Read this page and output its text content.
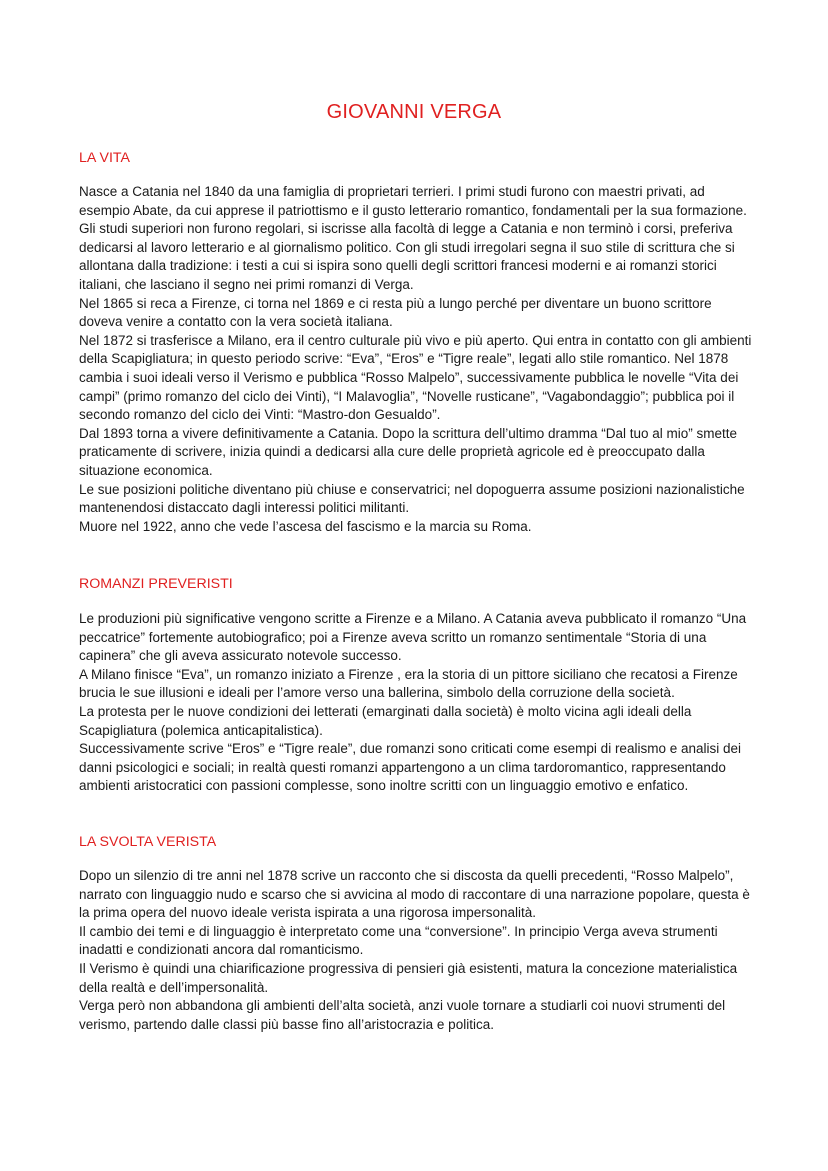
GIOVANNI VERGA
LA VITA

Nasce a Catania nel 1840 da una famiglia di proprietari terrieri. I primi studi furono con maestri privati, ad esempio Abate, da cui apprese il patriottismo e il gusto letterario romantico, fondamentali per la sua formazione.

Gli studi superiori non furono regolari, si iscrisse alla facoltà di legge a Catania e non terminò i corsi, preferiva dedicarsi al lavoro letterario e al giornalismo politico. Con gli studi irregolari segna il suo stile di scrittura che si allontana dalla tradizione: i testi a cui si ispira sono quelli degli scrittori francesi moderni e ai romanzi storici italiani, che lasciano il segno nei primi romanzi di Verga.

Nel 1865 si reca a Firenze, ci torna nel 1869 e ci resta più a lungo perché per diventare un buono scrittore doveva venire a contatto con la vera società italiana.

Nel 1872 si trasferisce a Milano, era il centro culturale più vivo e più aperto. Qui entra in contatto con gli ambienti della Scapigliatura; in questo periodo scrive: “Eva”, “Eros” e “Tigre reale”, legati allo stile romantico. Nel 1878 cambia i suoi ideali verso il Verismo e pubblica “Rosso Malpelo”, successivamente pubblica le novelle “Vita dei campi” (primo romanzo del ciclo dei Vinti), “I Malavoglia”, “Novelle rusticane”, “Vagabondaggio”; pubblica poi il secondo romanzo del ciclo dei Vinti: “Mastro-don Gesualdo”.

Dal 1893 torna a vivere definitivamente a Catania. Dopo la scrittura dell’ultimo dramma “Dal tuo al mio” smette praticamente di scrivere, inizia quindi a dedicarsi alla cure delle proprietà agricole ed è preoccupato dalla situazione economica.

Le sue posizioni politiche diventano più chiuse e conservatrici; nel dopoguerra assume posizioni nazionalistiche mantenendosi distaccato dagli interessi politici militanti.

Muore nel 1922, anno che vede l’ascesa del fascismo e la marcia su Roma.

ROMANZI PREVERISTI

Le produzioni più significative vengono scritte a Firenze e a Milano. A Catania aveva pubblicato il romanzo “Una peccatrice” fortemente autobiografico; poi a Firenze aveva scritto un romanzo sentimentale “Storia di una capinera” che gli aveva assicurato notevole successo.

A Milano finisce “Eva”, un romanzo iniziato a Firenze , era la storia di un pittore siciliano che recatosi a Firenze brucia le sue illusioni e ideali per l’amore verso una ballerina, simbolo della corruzione della società.

La protesta per le nuove condizioni dei letterati (emarginati dalla società) è molto vicina agli ideali della Scapigliatura (polemica anticapitalistica).

Successivamente scrive “Eros” e “Tigre reale”, due romanzi sono criticati come esempi di realismo e analisi dei danni psicologici e sociali; in realtà questi romanzi appartengono a un clima tardoromantico, rappresentando ambienti aristocratici con passioni complesse, sono inoltre scritti con un linguaggio emotivo e enfatico.

LA SVOLTA VERISTA

Dopo un silenzio di tre anni nel 1878 scrive un racconto che si discosta da quelli precedenti, “Rosso Malpelo”, narrato con linguaggio nudo e scarso che si avvicina al modo di raccontare di una narrazione popolare, questa è la prima opera del nuovo ideale verista ispirata a una rigorosa impersonalità.

Il cambio dei temi e di linguaggio è interpretato come una “conversione”. In principio Verga aveva strumenti inadatti e condizionati ancora dal romanticismo.

Il Verismo è quindi una chiarificazione progressiva di pensieri già esistenti, matura la concezione materialistica della realtà e dell’impersonalità.

Verga però non abbandona gli ambienti dell’alta società, anzi vuole tornare a studiarli coi nuovi strumenti del verismo, partendo dalle classi più basse fino all’aristocrazia e politica.
